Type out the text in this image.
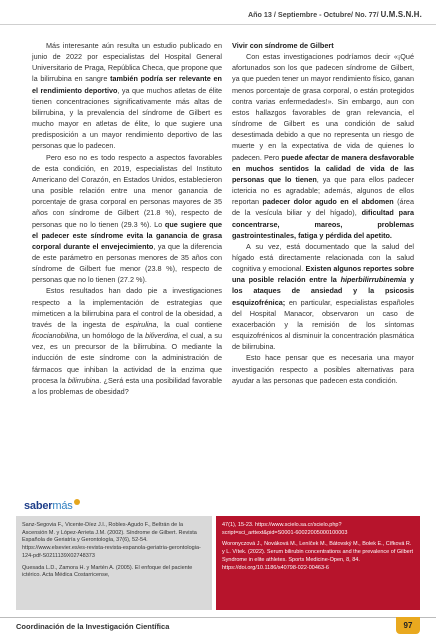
Año 13 / Septiembre - Octubre/ No. 77/ U.M.S.N.H.

Más interesante aún resulta un estudio publicado en junio de 2022 por especialistas del Hospital General Universitario de Praga, República Checa, que propone que la bilirrubina en sangre también podría ser relevante en el rendimiento deportivo, ya que muchos atletas de élite tienen concentraciones significativamente más altas de bilirrubina, y la prevalencia del síndrome de Gilbert es mucho mayor en atletas de élite, lo que sugiere una predisposición a un mayor rendimiento deportivo de las personas que lo padecen.

Pero eso no es todo respecto a aspectos favorables de esta condición, en 2019, especialistas del Instituto Americano del Corazón, en Estados Unidos, establecieron una posible relación entre una menor ganancia de porcentaje de grasa corporal en personas mayores de 35 años con síndrome de Gilbert (21.8 %), respecto de personas que no lo tienen (29.3 %). Lo que sugiere que el padecer este síndrome evita la ganancia de grasa corporal durante el envejecimiento, ya que la diferencia de este parámetro en personas menores de 35 años con síndrome de Gilbert fue menor (23.8 %), respecto de personas que no lo tienen (27.2 %).

Estos resultados han dado pie a investigaciones respecto a la implementación de estrategias que mimeticen a la bilirrubina para el control de la obesidad, a través de la ingesta de espirulina, la cual contiene ficocianobilina, un homólogo de la biliverdina, el cual, a su vez, es un precursor de la bilirrubina. O mediante la inducción de este síndrome con la administración de fármacos que inhiban la actividad de la enzima que procesa la bilirrubina. ¿Será esta una posibilidad favorable a los problemas de obesidad?

Vivir con síndrome de Gilbert

Con estas investigaciones podríamos decir «¡Qué afortunados son los que padecen síndrome de Gilbert, ya que pueden tener un mayor rendimiento físico, ganan menos porcentaje de grasa corporal, o están protegidos contra varias enfermedades!». Sin embargo, aun con estos hallazgos favorables de gran relevancia, el síndrome de Gilbert es una condición de salud desestimada debido a que no representa un riesgo de muerte y en la expectativa de vida de quienes lo padecen. Pero puede afectar de manera desfavorable en muchos sentidos la calidad de vida de las personas que lo tienen, ya que para ellos padecer ictericia no es agradable; además, algunos de ellos reportan padecer dolor agudo en el abdomen (área de la vesícula biliar y del hígado), dificultad para concentrarse, mareos, problemas gastrointestinales, fatiga y pérdida del apetito.

A su vez, está documentado que la salud del hígado está directamente relacionada con la salud cognitiva y emocional. Existen algunos reportes sobre una posible relación entre la hiperbilirrubinemia y los ataques de ansiedad y la psicosis esquizofrénica; en particular, especialistas españoles del Hospital Manacor, observaron un caso de exacerbación y la remisión de los síntomas esquizofrénicos al disminuir la concentración plasmática de bilirrubina.

Esto hace pensar que es necesaria una mayor investigación respecto a posibles alternativas para ayudar a las personas que padecen esta condición.

sabermás

Sanz-Segovia F., Vicente-Díez J.I., Robles-Agudo F., Beltrán de la Ascensión M. y López-Arrieta J.M. (2002). Síndrome de Gilbert. Revista Española de Geriatría y Gerontología, 37(6), 52-54. https://www.elsevier.es/es-revista-revista-espanola-geriatria-gerontologia-124-pdf-S0211139X02748373

Quesada L.D., Zamora H. y Martén A. (2005). El enfoque del paciente ictérico. Acta Médica Costarricense,

47(1), 15-23. https://www.scielo.sa.cr/scielo.php?script=sci_arttext&pid=S0001-60022005000100003

Woronyczová J., Nováková M., Leníček M., Bátovský M., Bolek E., Cífková R. y L. Vítek. (2022). Serum bilirubin concentrations and the prevalence of Gilbert Syndrome in elite athletes. Sports Medicine-Open, 8, 84. https://doi.org/10.1186/s40798-022-00463-6

Coordinación de la Investigación Científica	97
